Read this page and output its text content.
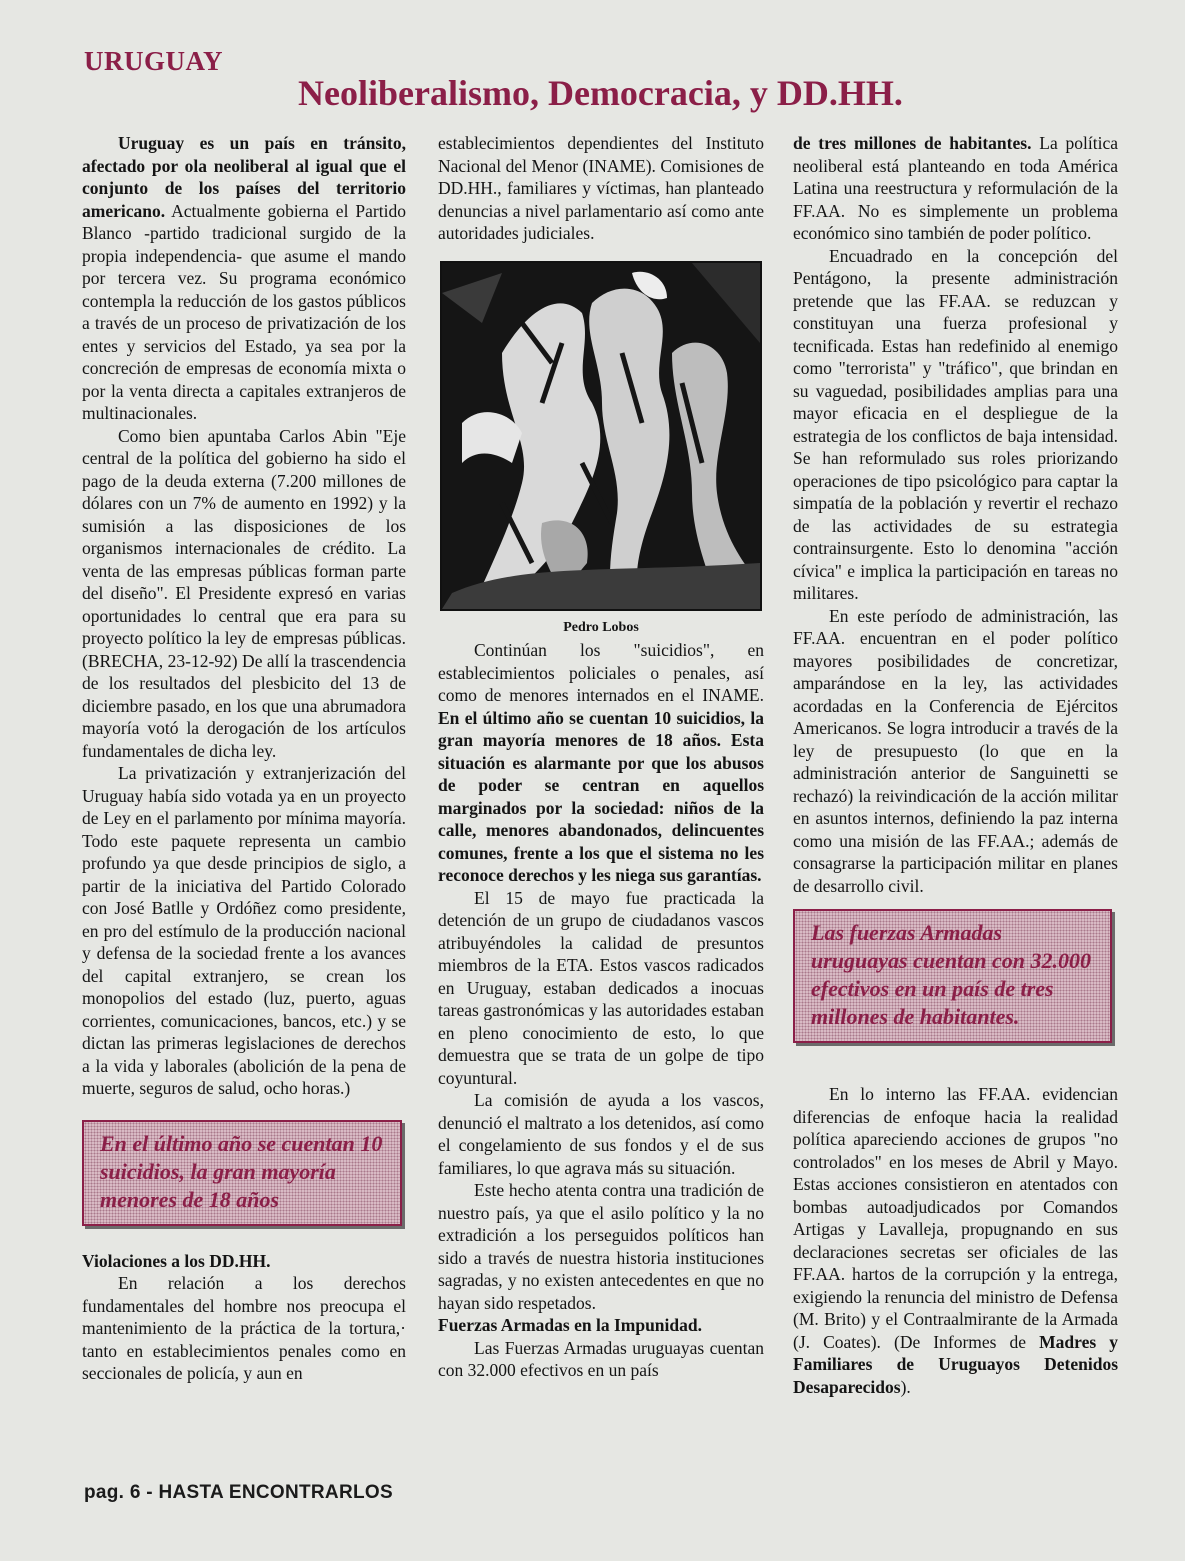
URUGUAY
Neoliberalismo, Democracia, y DD.HH.

Uruguay es un país en tránsito, afectado por ola neoliberal al igual que el conjunto de los países del territorio americano. Actualmente gobierna el Partido Blanco -partido tradicional surgido de la propia independencia- que asume el mando por tercera vez. Su programa económico contempla la reducción de los gastos públicos a través de un proceso de privatización de los entes y servicios del Estado, ya sea por la concreción de empresas de economía mixta o por la venta directa a capitales extranjeros de multinacionales.

Como bien apuntaba Carlos Abin "Eje central de la política del gobierno ha sido el pago de la deuda externa (7.200 millones de dólares con un 7% de aumento en 1992) y la sumisión a las disposiciones de los organismos internacionales de crédito. La venta de las empresas públicas forman parte del diseño". El Presidente expresó en varias oportunidades lo central que era para su proyecto político la ley de empresas públicas. (BRECHA, 23-12-92) De allí la trascendencia de los resultados del plesbicito del 13 de diciembre pasado, en los que una abrumadora mayoría votó la derogación de los artículos fundamentales de dicha ley.

La privatización y extranjerización del Uruguay había sido votada ya en un proyecto de Ley en el parlamento por mínima mayoría. Todo este paquete representa un cambio profundo ya que desde principios de siglo, a partir de la iniciativa del Partido Colorado con José Batlle y Ordóñez como presidente, en pro del estímulo de la producción nacional y defensa de la sociedad frente a los avances del capital extranjero, se crean los monopolios del estado (luz, puerto, aguas corrientes, comunicaciones, bancos, etc.) y se dictan las primeras legislaciones de derechos a la vida y laborales (abolición de la pena de muerte, seguros de salud, ocho horas.)

En el último año se cuentan 10 suicidios, la gran mayoría menores de 18 años

Violaciones a los DD.HH.

En relación a los derechos fundamentales del hombre nos preocupa el mantenimiento de la práctica de la tortura,· tanto en establecimientos penales como en seccionales de policía, y aun en

establecimientos dependientes del Instituto Nacional del Menor (INAME). Comisiones de DD.HH., familiares y víctimas, han planteado denuncias a nivel parlamentario así como ante autoridades judiciales.

Pedro Lobos

Continúan los "suicidios", en establecimientos policiales o penales, así como de menores internados en el INAME. En el último año se cuentan 10 suicidios, la gran mayoría menores de 18 años. Esta situación es alarmante por que los abusos de poder se centran en aquellos marginados por la sociedad: niños de la calle, menores abandonados, delincuentes comunes, frente a los que el sistema no les reconoce derechos y les niega sus garantías.

El 15 de mayo fue practicada la detención de un grupo de ciudadanos vascos atribuyéndoles la calidad de presuntos miembros de la ETA. Estos vascos radicados en Uruguay, estaban dedicados a inocuas tareas gastronómicas y las autoridades estaban en pleno conocimiento de esto, lo que demuestra que se trata de un golpe de tipo coyuntural.

La comisión de ayuda a los vascos, denunció el maltrato a los detenidos, así como el congelamiento de sus fondos y el de sus familiares, lo que agrava más su situación.

Este hecho atenta contra una tradición de nuestro país, ya que el asilo político y la no extradición a los perseguidos políticos han sido a través de nuestra historia instituciones sagradas, y no existen antecedentes en que no hayan sido respetados.

Fuerzas Armadas en la Impunidad.

Las Fuerzas Armadas uruguayas cuentan con 32.000 efectivos en un país

de tres millones de habitantes. La política neoliberal está planteando en toda América Latina una reestructura y reformulación de la FF.AA. No es simplemente un problema económico sino también de poder político.

Encuadrado en la concepción del Pentágono, la presente administración pretende que las FF.AA. se reduzcan y constituyan una fuerza profesional y tecnificada. Estas han redefinido al enemigo como "terrorista" y "tráfico", que brindan en su vaguedad, posibilidades amplias para una mayor eficacia en el despliegue de la estrategia de los conflictos de baja intensidad. Se han reformulado sus roles priorizando operaciones de tipo psicológico para captar la simpatía de la población y revertir el rechazo de las actividades de su estrategia contrainsurgente. Esto lo denomina "acción cívica" e implica la participación en tareas no militares.

En este período de administración, las FF.AA. encuentran en el poder político mayores posibilidades de concretizar, amparándose en la ley, las actividades acordadas en la Conferencia de Ejércitos Americanos. Se logra introducir a través de la ley de presupuesto (lo que en la administración anterior de Sanguinetti se rechazó) la reivindicación de la acción militar en asuntos internos, definiendo la paz interna como una misión de las FF.AA.; además de consagrarse la participación militar en planes de desarrollo civil.

Las fuerzas Armadas uruguayas cuentan con 32.000 efectivos en un país de tres millones de habitantes.

En lo interno las FF.AA. evidencian diferencias de enfoque hacia la realidad política apareciendo acciones de grupos "no controlados" en los meses de Abril y Mayo. Estas acciones consistieron en atentados con bombas autoadjudicados por Comandos Artigas y Lavalleja, propugnando en sus declaraciones secretas ser oficiales de las FF.AA. hartos de la corrupción y la entrega, exigiendo la renuncia del ministro de Defensa (M. Brito) y el Contraalmirante de la Armada (J. Coates). (De Informes de Madres y Familiares de Uruguayos Detenidos Desaparecidos).

pag. 6 - HASTA ENCONTRARLOS
